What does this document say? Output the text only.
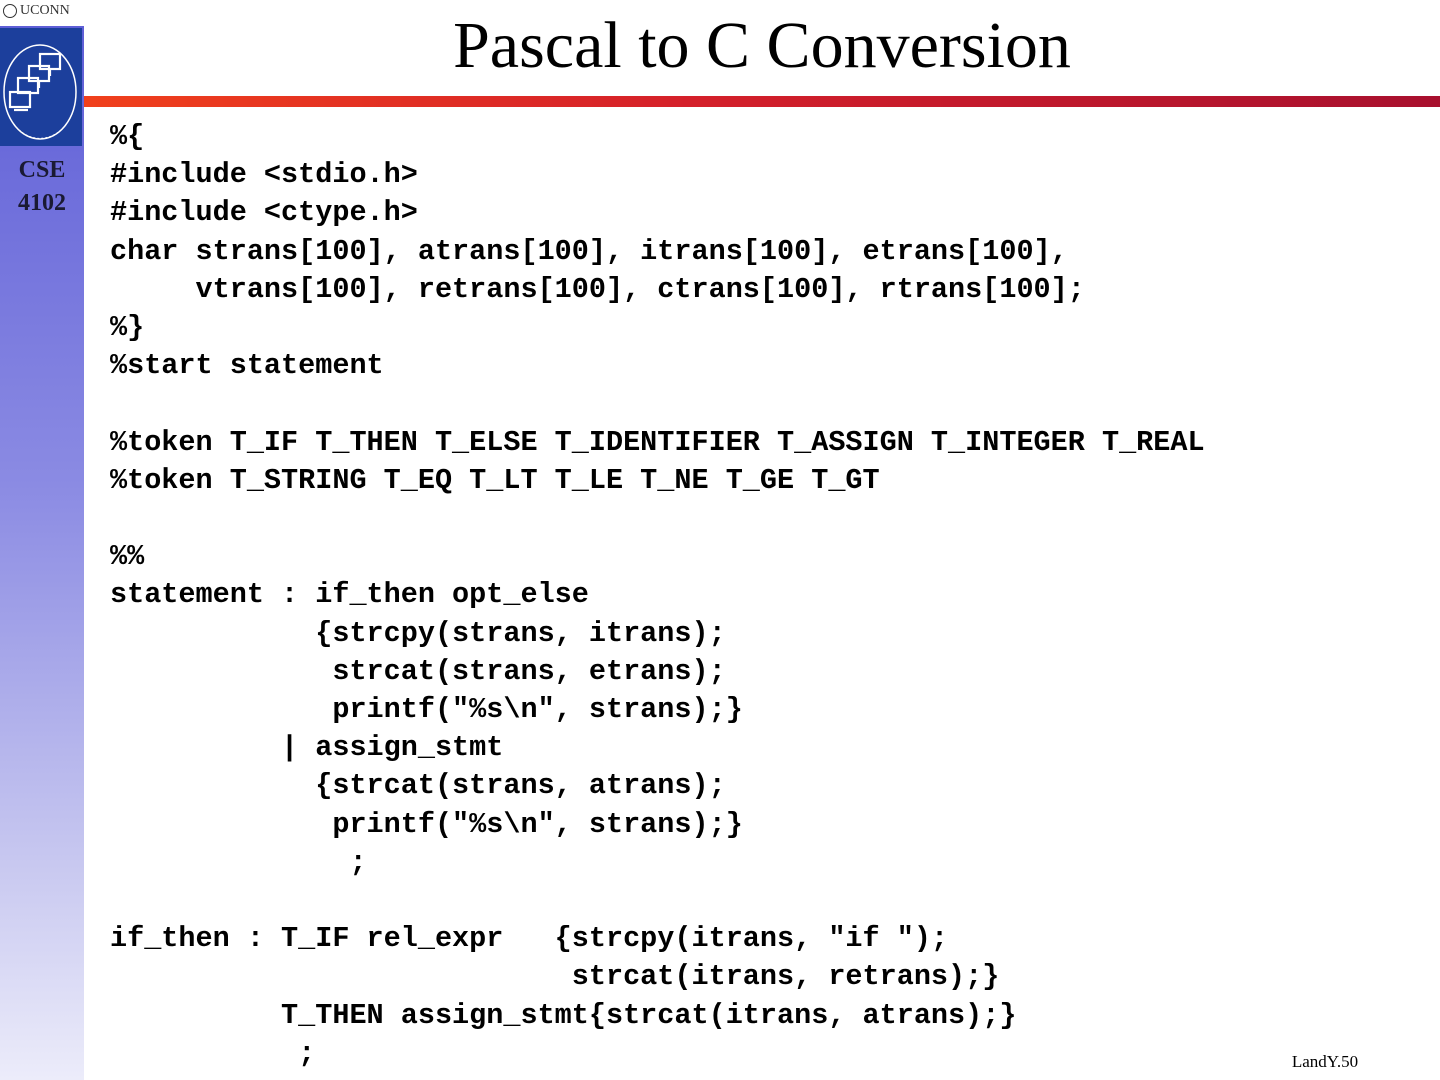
UCONN
CSE
4102
Pascal to C Conversion
%{
#include <stdio.h>
#include <ctype.h>
char strans[100], atrans[100], itrans[100], etrans[100],
vtrans[100], retrans[100], ctrans[100], rtrans[100];
%}
%start statement
%token T_IF T_THEN T_ELSE T_IDENTIFIER T_ASSIGN T_INTEGER T_REAL
%token T_STRING T_EQ T_LT T_LE T_NE T_GE T_GT
%%
statement : if_then opt_else
{strcpy(strans, itrans);
strcat(strans, etrans);
printf("%s\n", strans);}
| assign_stmt
{strcat(strans, atrans);
printf("%s\n", strans);}
;
if_then : T_IF rel_expr   {strcpy(itrans, "if ");
strcat(itrans, retrans);}
T_THEN assign_stmt{strcat(itrans, atrans);}
;	LandY.50
